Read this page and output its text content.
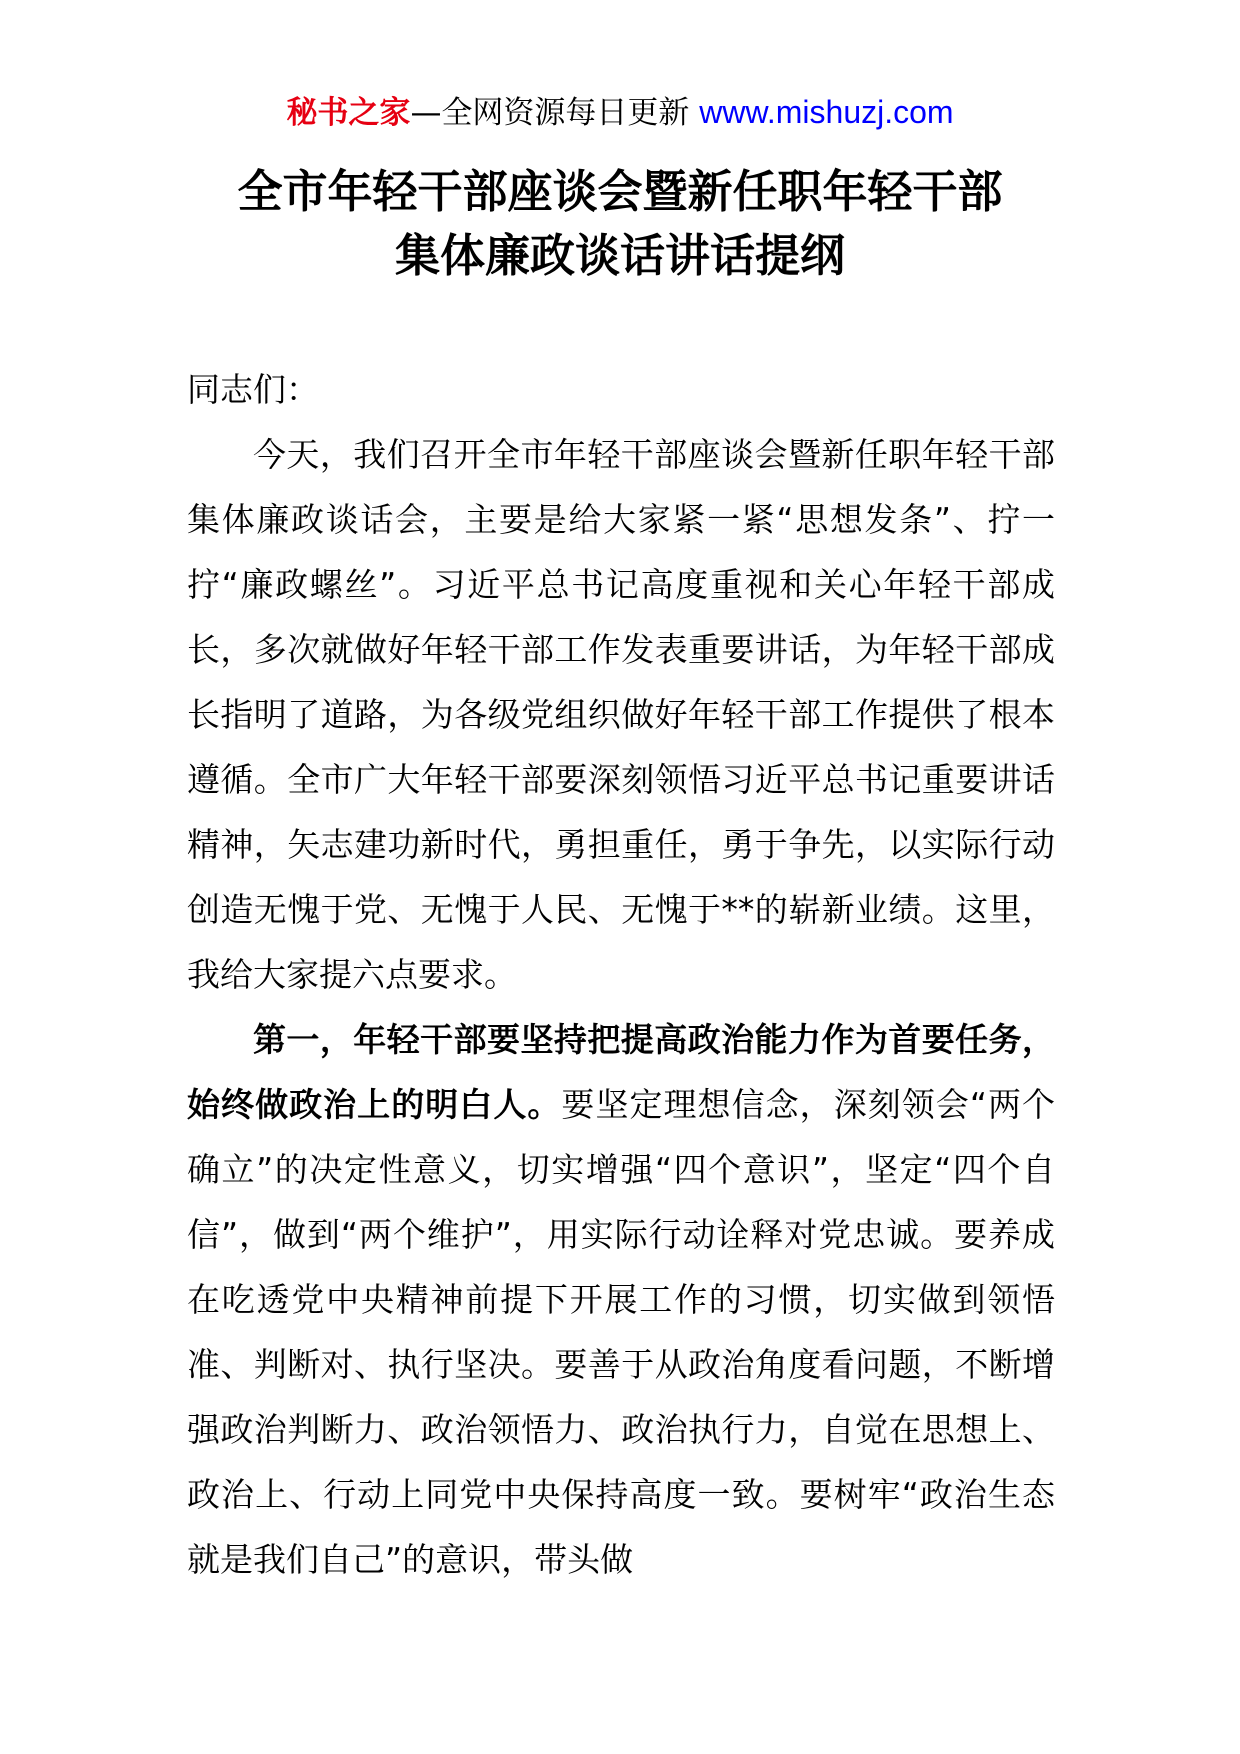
秘书之家—全网资源每日更新 www.mishuzj.com
全市年轻干部座谈会暨新任职年轻干部
集体廉政谈话讲话提纲

同志们：

今天，我们召开全市年轻干部座谈会暨新任职年轻干部集体廉政谈话会，主要是给大家紧一紧“思想发条”、拧一拧“廉政螺丝”。习近平总书记高度重视和关心年轻干部成长，多次就做好年轻干部工作发表重要讲话，为年轻干部成长指明了道路，为各级党组织做好年轻干部工作提供了根本遵循。全市广大年轻干部要深刻领悟习近平总书记重要讲话精神，矢志建功新时代，勇担重任，勇于争先，以实际行动创造无愧于党、无愧于人民、无愧于**的崭新业绩。这里，我给大家提六点要求。

第一，年轻干部要坚持把提高政治能力作为首要任务，始终做政治上的明白人。要坚定理想信念，深刻领会“两个确立”的决定性意义，切实增强“四个意识”，坚定“四个自信”，做到“两个维护”，用实际行动诠释对党忠诚。要养成在吃透党中央精神前提下开展工作的习惯，切实做到领悟准、判断对、执行坚决。要善于从政治角度看问题，不断增强政治判断力、政治领悟力、政治执行力，自觉在思想上、政治上、行动上同党中央保持高度一致。要树牢“政治生态就是我们自己”的意识，带头做
